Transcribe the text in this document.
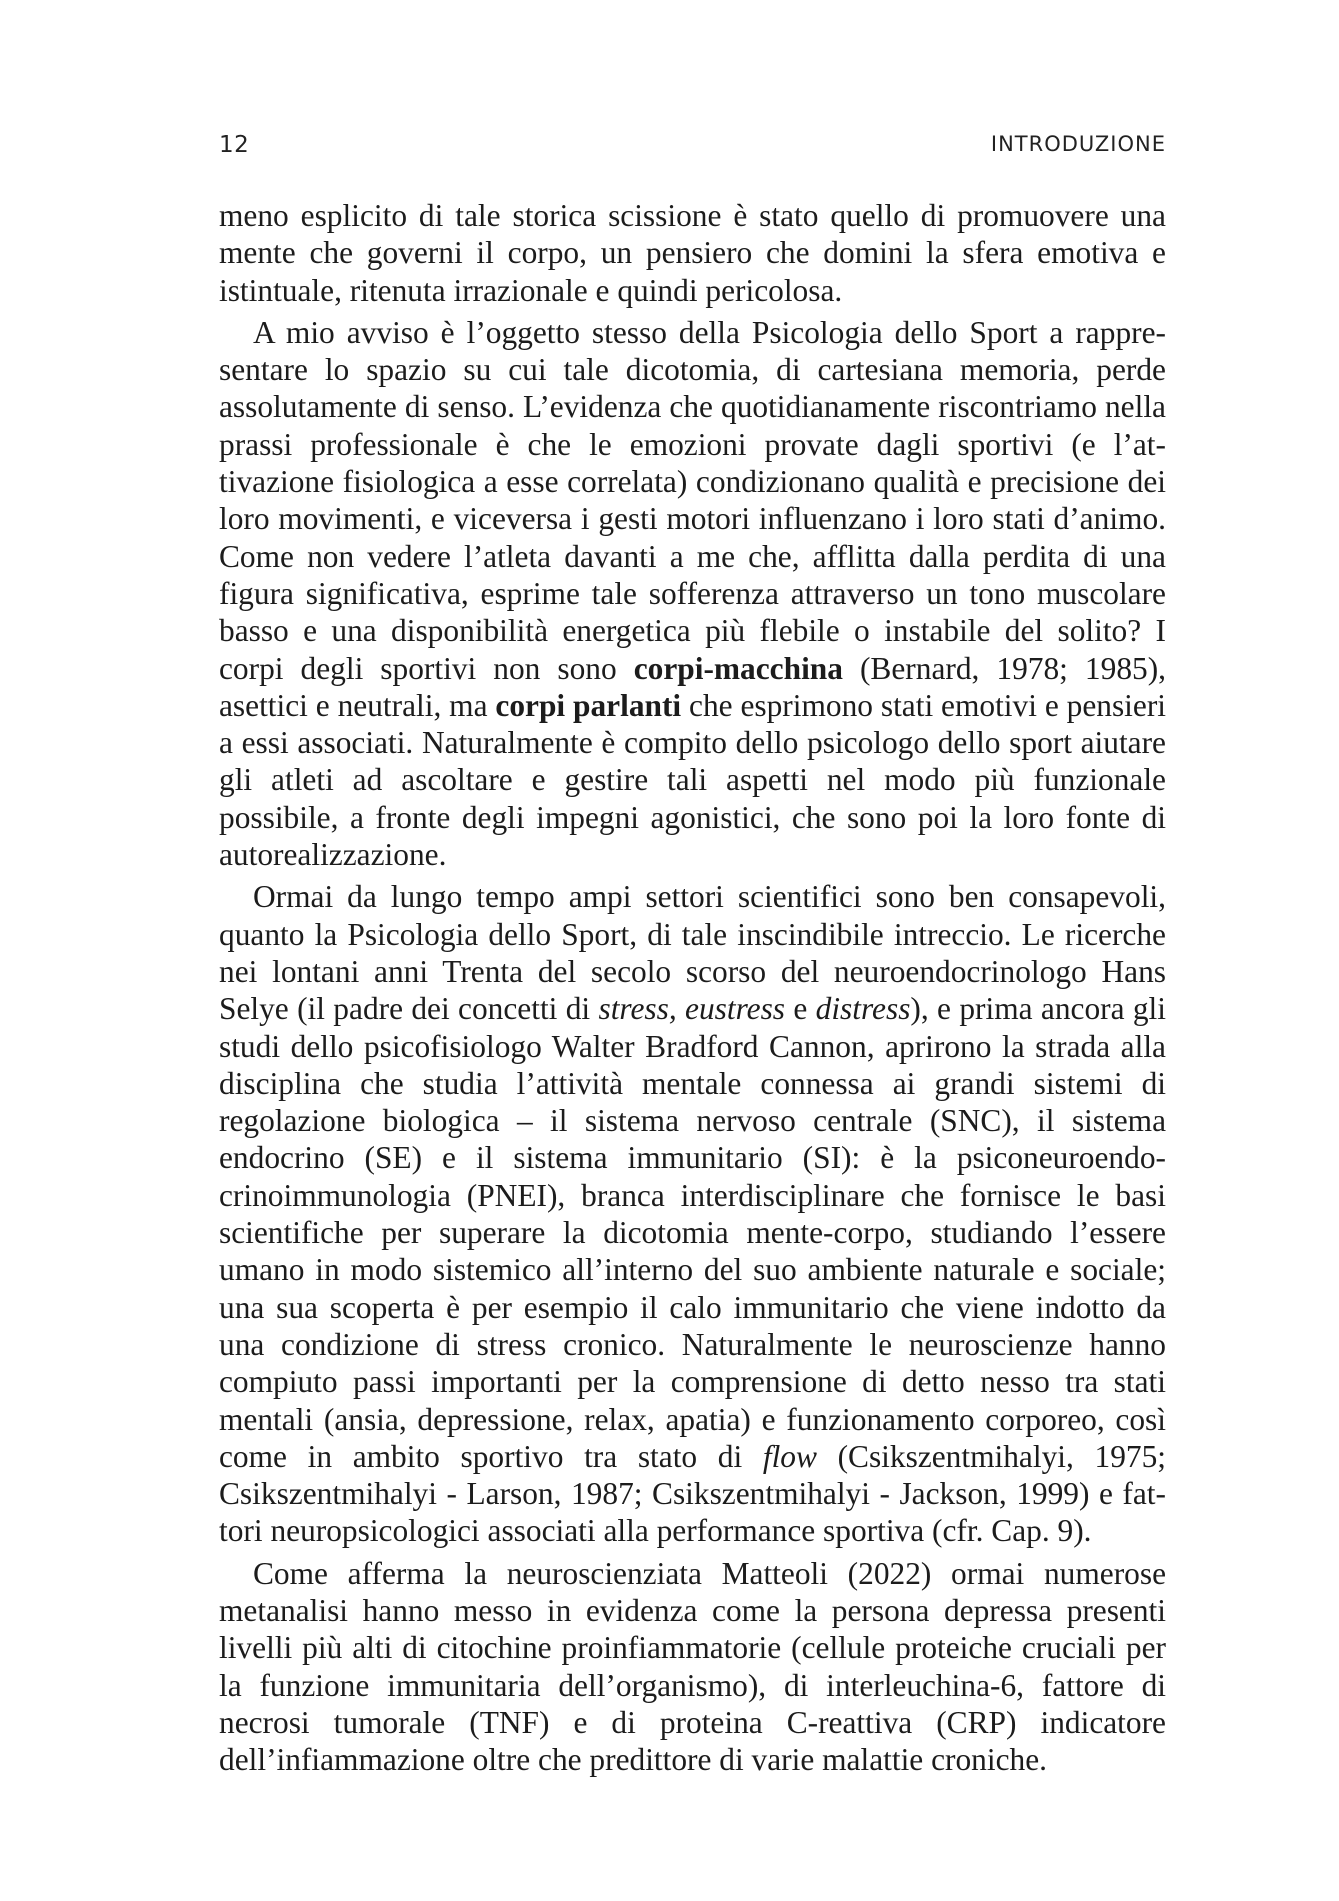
12	INTRODUZIONE

meno esplicito di tale storica scissione è stato quello di promuovere una mente che governi il corpo, un pensiero che domini la sfera emotiva e istintuale, ritenuta irrazionale e quindi pericolosa.

A mio avviso è l’oggetto stesso della Psicologia dello Sport a rappresentare lo spazio su cui tale dicotomia, di cartesiana memoria, perde assolutamente di senso. L’evidenza che quotidianamente riscontriamo nella prassi professionale è che le emozioni provate dagli sportivi (e l’attivazione fisiologica a esse correlata) condizionano qualità e precisione dei loro movimenti, e viceversa i gesti motori influenzano i loro stati d’animo. Come non vedere l’atleta davanti a me che, afflitta dalla perdita di una figura significativa, esprime tale sofferenza attraverso un tono muscolare basso e una disponibilità energetica più flebile o instabile del solito? I corpi degli sportivi non sono corpi-macchina (Bernard, 1978; 1985), asettici e neutrali, ma corpi parlanti che esprimono stati emotivi e pensieri a essi associati. Naturalmente è compito dello psicologo dello sport aiutare gli atleti ad ascoltare e gestire tali aspetti nel modo più funzionale possibile, a fronte degli impegni agonistici, che sono poi la loro fonte di autorealizzazione.

Ormai da lungo tempo ampi settori scientifici sono ben consapevoli, quanto la Psicologia dello Sport, di tale inscindibile intreccio. Le ricerche nei lontani anni Trenta del secolo scorso del neuroendocrinologo Hans Selye (il padre dei concetti di stress, eustress e distress), e prima ancora gli studi dello psicofisiologo Walter Bradford Cannon, aprirono la strada alla disciplina che studia l’attività mentale connessa ai grandi sistemi di regolazione biologica – il sistema nervoso centrale (SNC), il sistema endocrino (SE) e il sistema immunitario (SI): è la psiconeuroendocrinoimmunologia (PNEI), branca interdisciplinare che fornisce le basi scientifiche per superare la dicotomia mente-corpo, studiando l’essere umano in modo sistemico all’interno del suo ambiente naturale e sociale; una sua scoperta è per esempio il calo immunitario che viene indotto da una condizione di stress cronico. Naturalmente le neuroscienze hanno compiuto passi importanti per la comprensione di detto nesso tra stati mentali (ansia, depressione, relax, apatia) e funzionamento corporeo, così come in ambito sportivo tra stato di flow (Csikszentmihalyi, 1975; Csikszentmihalyi - Larson, 1987; Csikszentmihalyi - Jackson, 1999) e fattori neuropsicologici associati alla performance sportiva (cfr. Cap. 9).

Come afferma la neuroscienziata Matteoli (2022) ormai numerose metanalisi hanno messo in evidenza come la persona depressa presenti livelli più alti di citochine proinfiammatorie (cellule proteiche cruciali per la funzione immunitaria dell’organismo), di interleuchina-6, fattore di necrosi tumorale (TNF) e di proteina C-reattiva (CRP) indicatore dell’infiammazione oltre che predittore di varie malattie croniche.
